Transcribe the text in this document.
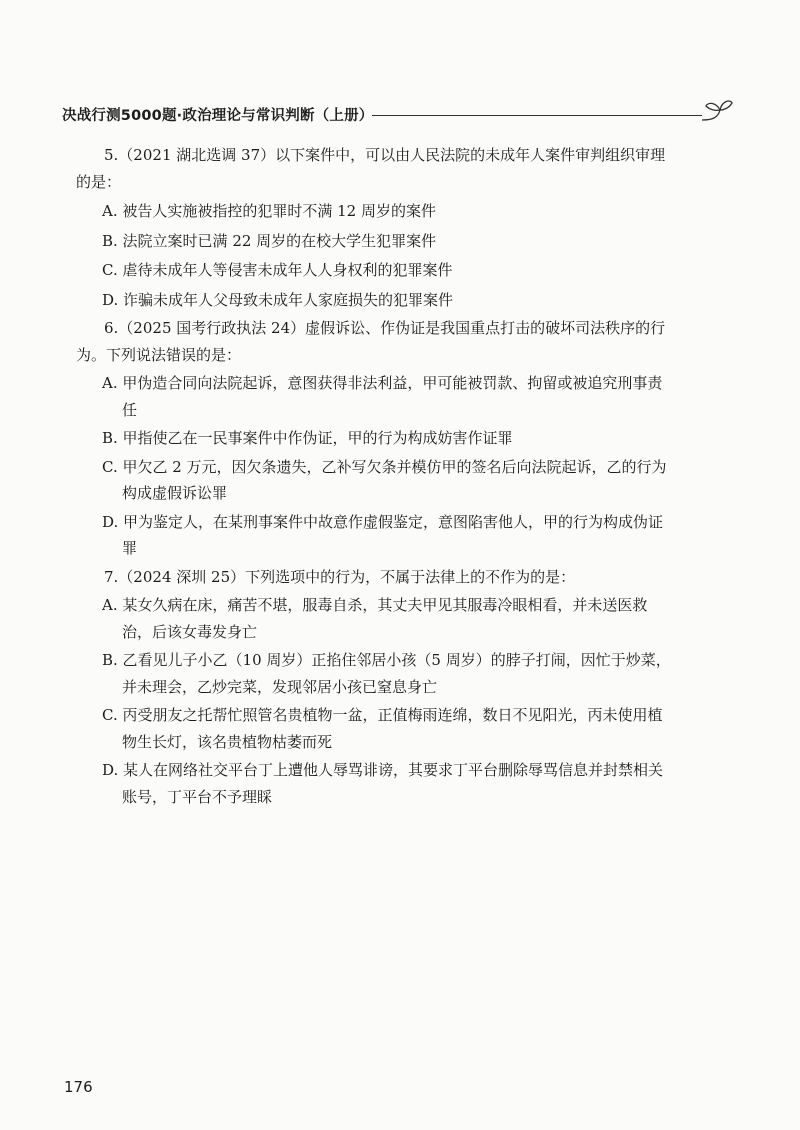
决战行测5000题·政治理论与常识判断（上册）

5.（2021 湖北选调 37）以下案件中，可以由人民法院的未成年人案件审判组织审理的是：

A. 被告人实施被指控的犯罪时不满 12 周岁的案件

B. 法院立案时已满 22 周岁的在校大学生犯罪案件

C. 虐待未成年人等侵害未成年人人身权利的犯罪案件

D. 诈骗未成年人父母致未成年人家庭损失的犯罪案件

6.（2025 国考行政执法 24）虚假诉讼、作伪证是我国重点打击的破坏司法秩序的行为。下列说法错误的是：

A. 甲伪造合同向法院起诉，意图获得非法利益，甲可能被罚款、拘留或被追究刑事责任

B. 甲指使乙在一民事案件中作伪证，甲的行为构成妨害作证罪

C. 甲欠乙 2 万元，因欠条遗失，乙补写欠条并模仿甲的签名后向法院起诉，乙的行为构成虚假诉讼罪

D. 甲为鉴定人，在某刑事案件中故意作虚假鉴定，意图陷害他人，甲的行为构成伪证罪

7.（2024 深圳 25）下列选项中的行为，不属于法律上的不作为的是：

A. 某女久病在床，痛苦不堪，服毒自杀，其丈夫甲见其服毒冷眼相看，并未送医救治，后该女毒发身亡

B. 乙看见儿子小乙（10 周岁）正掐住邻居小孩（5 周岁）的脖子打闹，因忙于炒菜，并未理会，乙炒完菜，发现邻居小孩已窒息身亡

C. 丙受朋友之托帮忙照管名贵植物一盆，正值梅雨连绵，数日不见阳光，丙未使用植物生长灯，该名贵植物枯萎而死

D. 某人在网络社交平台丁上遭他人辱骂诽谤，其要求丁平台删除辱骂信息并封禁相关账号，丁平台不予理睬

176
